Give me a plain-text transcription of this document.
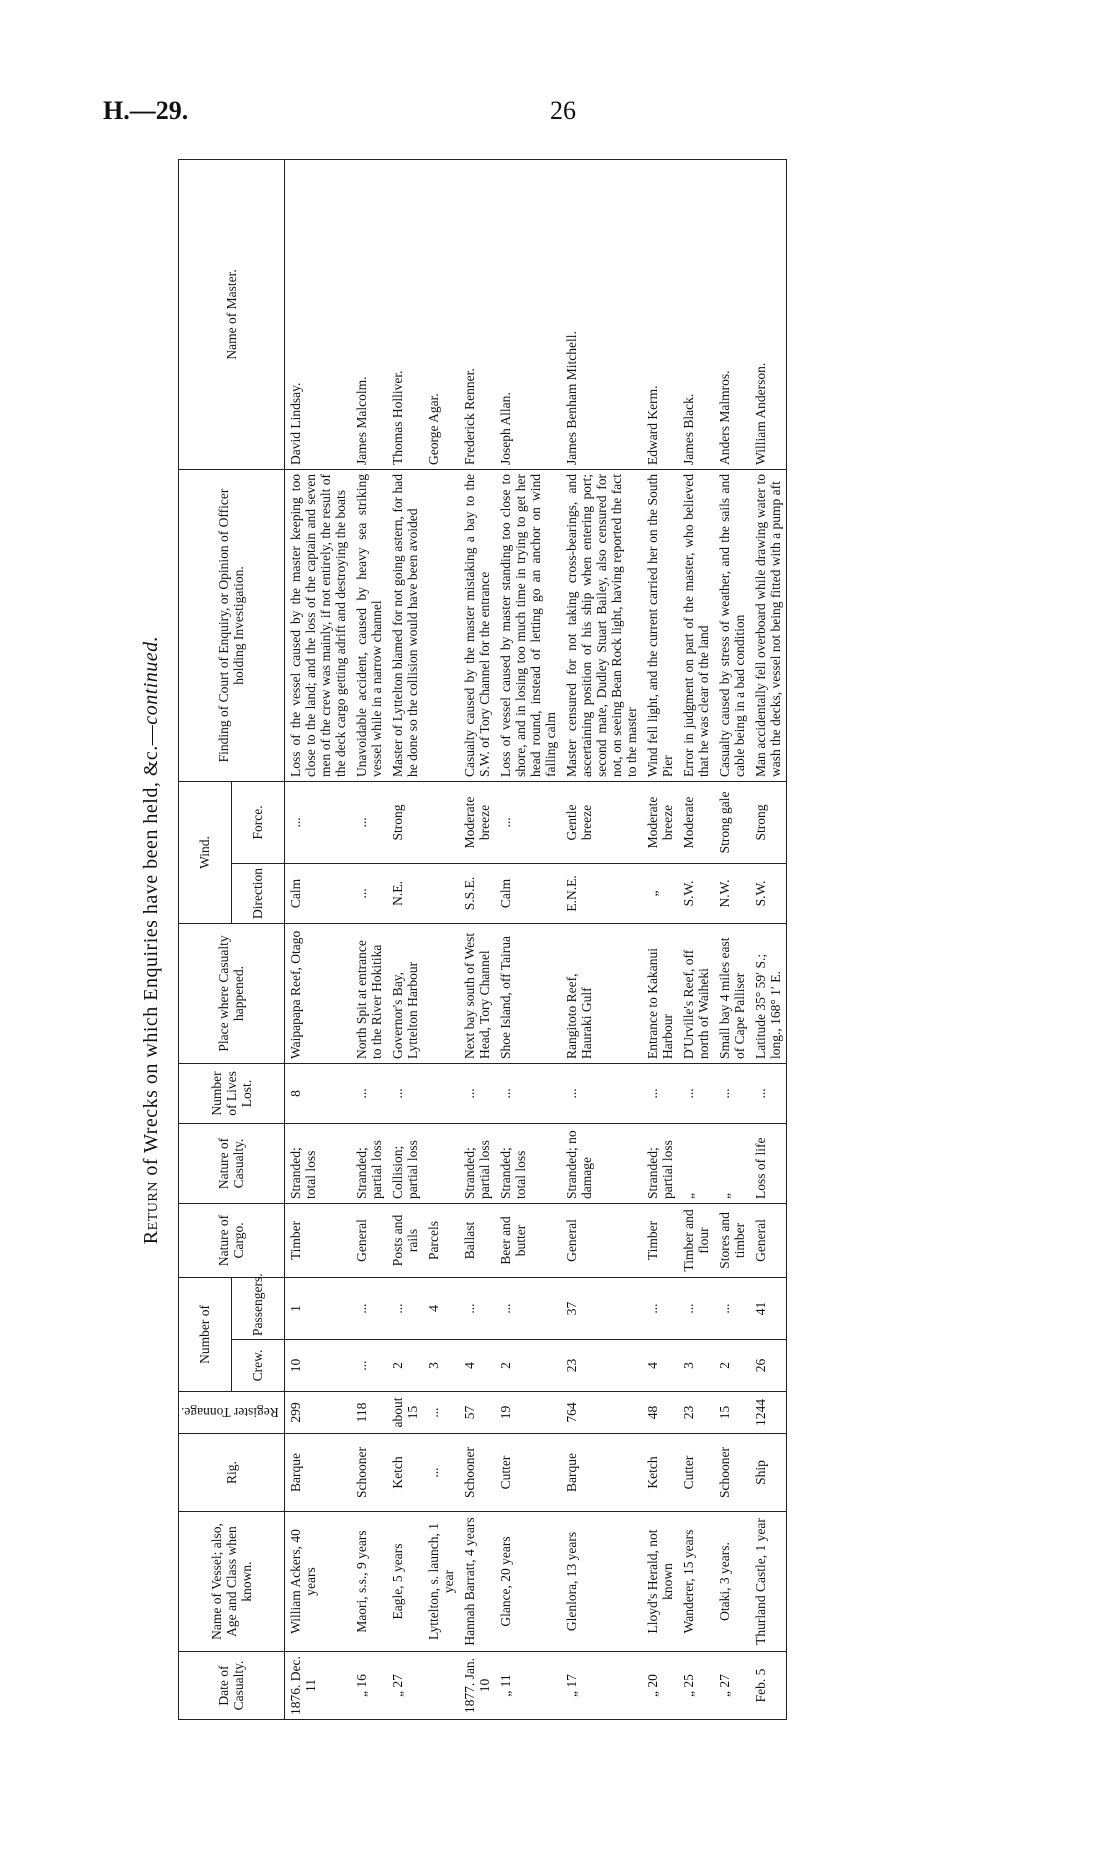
H.—29.	26
Return of Wrecks on which Enquiries have been held, &c.—continued.
Date of Casualty.	Name of Vessel; also, Age and Class when known.	Rig.	Register Tonnage.	Number of		Nature of Cargo.	Nature of Casualty.	Number of Lives Lost.	Place where Casualty happened.	Wind.		Finding of Court of Enquiry, or Opinion of Officer holding Investigation.	Name of Master.
				Crew.	Passengers.					Direction	Force.		
1876. Dec. 11	William Ackers, 40 years	Barque	299	10	1	Timber	Stranded; total loss	8	Waipapapa Reef, Otago	Calm	...	Loss of the vessel caused by the master keeping too close to the land; and the loss of the captain and seven men of the crew was mainly, if not entirely, the result of the deck cargo getting adrift and destroying the boats	David Lindsay.
„ 16	Maori, s.s., 9 years	Schooner	118	...	...	General	Stranded; partial loss	...	North Spit at entrance to the River Hokitika	...	...	Unavoidable accident, caused by heavy sea striking vessel while in a narrow channel	James Malcolm.
„ 27	Eagle, 5 years	Ketch	about 15	2	...	Posts and rails	Collision; partial loss	...	Governor's Bay, Lyttelton Harbour	N.E.	Strong	Master of Lyttelton blamed for not going astern, for had he done so the collision would have been avoided	Thomas Holliver.
	Lyttelton, s. launch, 1 year	...	...	3	4	Parcels							George Agar.
1877. Jan. 10	Hannah Barratt, 4 years	Schooner	57	4	...	Ballast	Stranded; partial loss	...	Next bay south of West Head, Tory Channel	S.S.E.	Moderate breeze	Casualty caused by the master mistaking a bay to the S.W. of Tory Channel for the entrance	Frederick Renner.
„ 11	Glance, 20 years	Cutter	19	2	...	Beer and butter	Stranded; total loss	...	Shoe Island, off Tairua	Calm	...	Loss of vessel caused by master standing too close to shore, and in losing too much time in trying to get her head round, instead of letting go an anchor on wind falling calm	Joseph Allan.
„ 17	Glenlora, 13 years	Barque	764	23	37	General	Stranded; no damage	...	Rangitoto Reef, Hauraki Gulf	E.N.E.	Gentle breeze	Master censured for not taking cross-bearings, and ascertaining position of his ship when entering port; second mate, Dudley Stuart Bailey, also censured for not, on seeing Bean Rock light, having reported the fact to the master	James Benham Mitchell.
„ 20	Lloyd's Herald, not known	Ketch	48	4	...	Timber	Stranded; partial loss	...	Entrance to Kakanui Harbour	„	Moderate breeze	Wind fell light, and the current carried her on the South Pier	Edward Kerm.
„ 25	Wanderer, 15 years	Cutter	23	3	...	Timber and flour	„	...	D'Urville's Reef, off north of Waiheki	S.W.	Moderate	Error in judgment on part of the master, who believed that he was clear of the land	James Black.
„ 27	Otaki, 3 years.	Schooner	15	2	...	Stores and timber	„	...	Small bay 4 miles east of Cape Palliser	N.W.	Strong gale	Casualty caused by stress of weather, and the sails and cable being in a bad condition	Anders Malmros.
Feb. 5	Thurland Castle, 1 year	Ship	1244	26	41	General	Loss of life	...	Latitude 35° 59′ S.; long., 168° 1′ E.	S.W.	Strong	Man accidentally fell overboard while drawing water to wash the decks, vessel not being fitted with a pump aft	William Anderson.
